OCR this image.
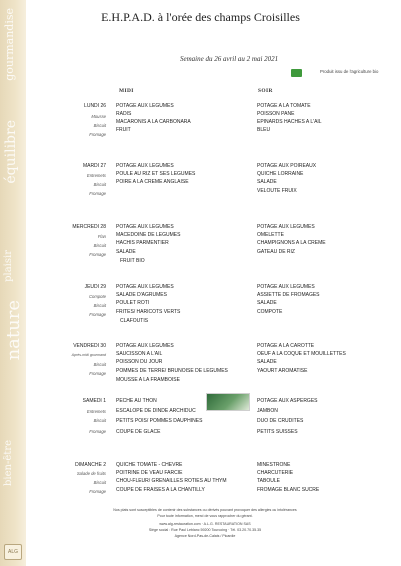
gourmandise
équilibre
plaisir
nature
bien-être
ALG
E.H.P.A.D. à l'orée des champs Croisilles
Semaine du 26 avril au 2 mai 2021
Produit issu de l'agriculture bio
MIDI	SOIR
LUNDI 26
Mousse
Biscuit
Fromage
POTAGE AUX LEGUMES
RADIS
MACARONIS A LA CARBONARA
FRUIT
POTAGE A LA TOMATE
POISSON PANE
EPINARDS HACHES A L'AIL
BLEU
MARDI 27
Entremets
Biscuit
Fromage
POTAGE AUX LEGUMES
POULE AU RIZ ET SES LEGUMES
POIRE A LA CREME ANGLAISE
POTAGE AUX POIREAUX
QUICHE LORRAINE
SALADE
VELOUTE FRUIX
MERCREDI 28
Flan
Biscuit
Fromage
POTAGE AUX LEGUMES
MACEDOINE DE LEGUMES
HACHIS PARMENTIER
SALADE
FRUIT BIO
POTAGE AUX LEGUMES
OMELETTE
CHAMPIGNONS A LA CREME
GATEAU DE RIZ
JEUDI 29
Compote
Biscuit
Fromage
POTAGE AUX LEGUMES
SALADE D'AGRUMES
POULET ROTI
FRITES/ HARICOTS VERTS
CLAFOUTIS
POTAGE AUX LEGUMES
ASSIETTE DE FROMAGES
SALADE
COMPOTE
VENDREDI 30
Après-midi gourmand
Biscuit
Fromage
POTAGE AUX LEGUMES
SAUCISSON A L'AIL
POISSON DU JOUR
POMMES DE TERRE/ BRUNOISE DE LEGUMES
MOUSSE A LA FRAMBOISE
POTAGE A LA CAROTTE
OEUF A LA COQUE ET MOUILLETTES
SALADE
YAOURT AROMATISE
SAMEDI 1
Entremets
Biscuit
Fromage
PECHE AU THON
ESCALOPE DE DINDE ARCHIDUC
PETITS POIS/ POMMES DAUPHINES
COUPE DE GLACE
POTAGE AUX ASPERGES
JAMBON
DUO DE CRUDITES
PETITS SUISSES
DIMANCHE 2
Salade de fruits
Biscuit
Fromage
QUICHE TOMATE - CHEVRE
POITRINE DE VEAU FARCIE
CHOU-FLEUR/ GRENAILLES ROTIES AU THYM
COUPE DE FRAISES A LA CHANTILLY
MINESTRONE
CHARCUTERIE
TABOULE
FROMAGE BLANC SUCRE
Nos plats sont susceptibles de contenir des substances ou dérivés pouvant provoquer des allergies ou intolérances
Pour toute information, merci de vous rapprocher du gérant.
www.alg-restauration.com · A.L.G. RESTAURATION SAS
Siège social : Rue Paul Leblanc 59200 Tourcoing · Tél. 03.20.70.35.35
Agence Nord-Pas-de-Calais / Picardie
